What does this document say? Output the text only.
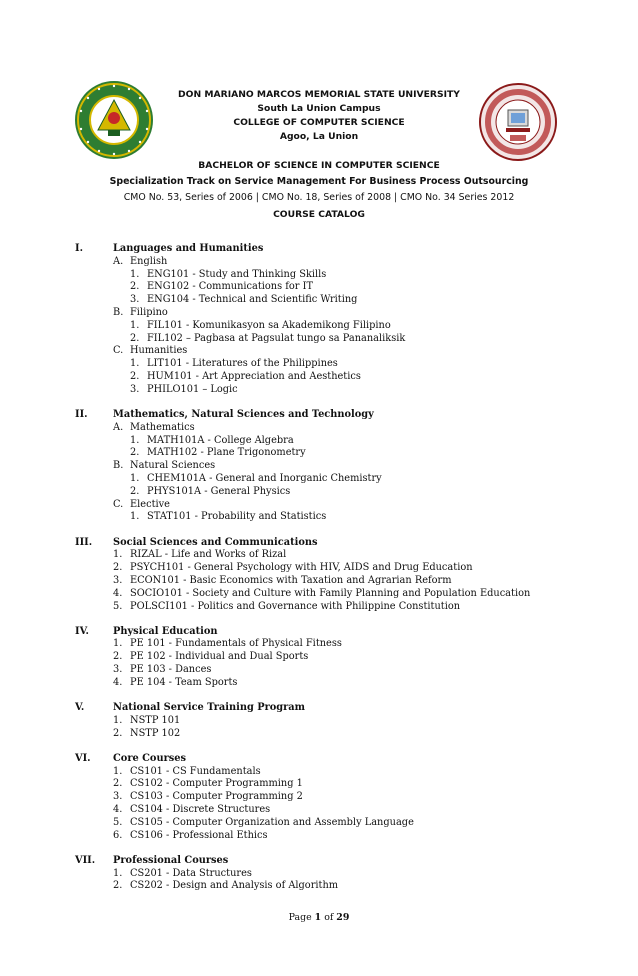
DON MARIANO MARCOS MEMORIAL STATE UNIVERSITY
South La Union Campus
COLLEGE OF COMPUTER SCIENCE
Agoo, La Union
BACHELOR OF SCIENCE IN COMPUTER SCIENCE
Specialization Track on Service Management For Business Process Outsourcing
CMO No. 53, Series of 2006 | CMO No. 18, Series of 2008 | CMO No. 34 Series 2012
COURSE CATALOG
I.	Languages and Humanities
A. English
1. ENG101 - Study and Thinking Skills
2. ENG102 - Communications for IT
3. ENG104 - Technical and Scientific Writing
B. Filipino
1. FIL101 - Komunikasyon sa Akademikong Filipino
2. FIL102 – Pagbasa at Pagsulat tungo sa Pananaliksik
C. Humanities
1. LIT101 - Literatures of the Philippines
2. HUM101 - Art Appreciation and Aesthetics
3. PHILO101 – Logic
II.	Mathematics, Natural Sciences and Technology
A. Mathematics
1. MATH101A - College Algebra
2. MATH102 - Plane Trigonometry
B. Natural Sciences
1. CHEM101A - General and Inorganic Chemistry
2. PHYS101A - General Physics
C. Elective
1. STAT101 - Probability and Statistics
III. Social Sciences and Communications
1. RIZAL - Life and Works of Rizal
2. PSYCH101 - General Psychology with HIV, AIDS and Drug Education
3. ECON101 - Basic Economics with Taxation and Agrarian Reform
4. SOCIO101 - Society and Culture with Family Planning and Population Education
5. POLSCI101 - Politics and Governance with Philippine Constitution
IV. Physical Education
1. PE 101 - Fundamentals of Physical Fitness
2. PE 102 - Individual and Dual Sports
3. PE 103 - Dances
4. PE 104 - Team Sports
V.	National Service Training Program
1. NSTP 101
2. NSTP 102
VI. Core Courses
1. CS101 - CS Fundamentals
2. CS102 - Computer Programming 1
3. CS103 - Computer Programming 2
4. CS104 - Discrete Structures
5. CS105 - Computer Organization and Assembly Language
6. CS106 - Professional Ethics
VII. Professional Courses
1. CS201 - Data Structures
2. CS202 - Design and Analysis of Algorithm
Page 1 of 29
